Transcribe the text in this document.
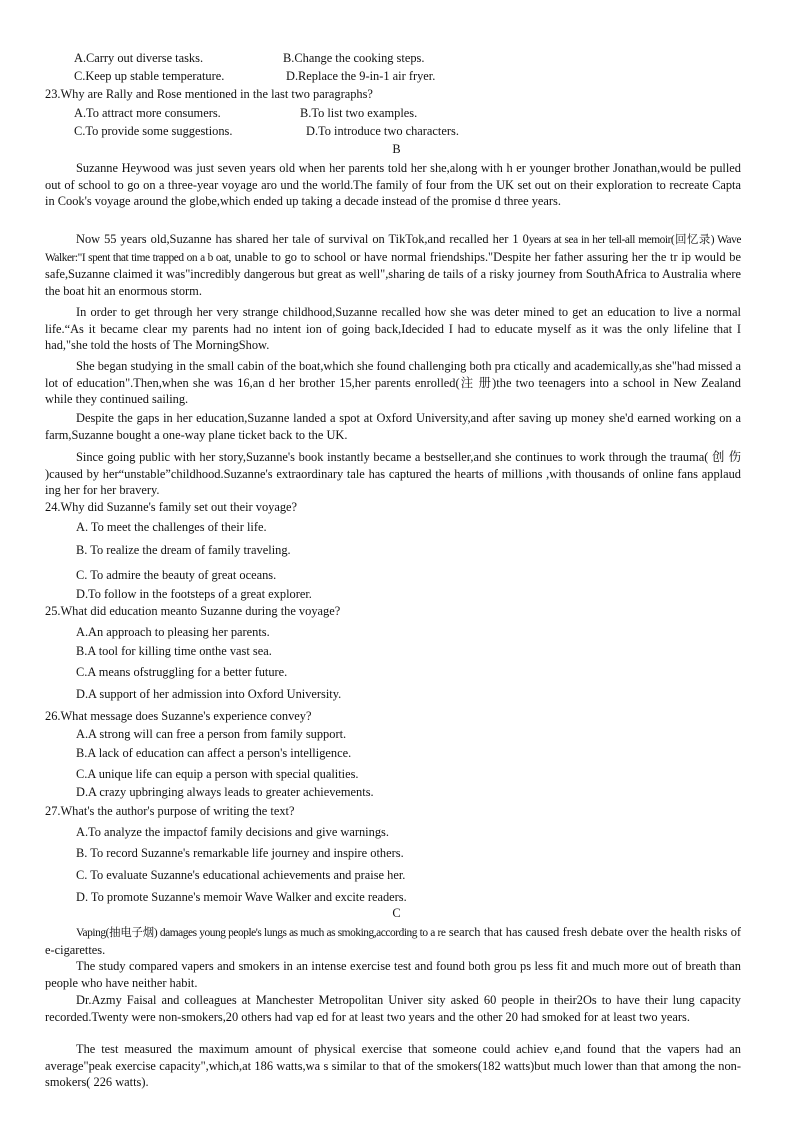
A.Carry out diverse tasks.	B.Change the cooking steps.
C.Keep up stable temperature.	D.Replace the 9-in-1 air fryer.
23.Why are Rally and Rose mentioned in the last two paragraphs?
A.To attract more consumers.	B.To list two examples.
C.To provide some suggestions.	D.To introduce two characters.
B

Suzanne Heywood was just seven years old when her parents told her she,along with h er younger brother Jonathan,would be pulled out of school to go on a three-year voyage aro und the world.The family of four from the UK set out on their exploration to recreate Capta in Cook's voyage around the globe,which ended up taking a decade instead of the promise d three years.

Now 55 years old,Suzanne has shared her tale of survival on TikTok,and recalled her 1 0years at sea in her tell-all memoir(回忆录) Wave Walker:"I spent that time trapped on a b oat, unable to go to school or have normal friendships."Despite her father assuring her the tr ip would be safe,Suzanne claimed it was"incredibly dangerous but great as well",sharing de tails of a risky journey from SouthAfrica to Australia where the boat hit an enormous storm.

In order to get through her very strange childhood,Suzanne recalled how she was deter mined to get an education to live a normal life.“As it became clear my parents had no intent ion of going back,Idecided I had to educate myself as it was the only lifeline that I had,"she told the hosts of The MorningShow.

She began studying in the small cabin of the boat,which she found challenging both pra ctically and academically,as she"had missed a lot of education".Then,when she was 16,an d her brother 15,her parents enrolled(注 册)the two teenagers into a school in New Zealand while they continued sailing.

Despite the gaps in her education,Suzanne landed a spot at Oxford University,and after saving up money she'd earned working on a farm,Suzanne bought a one-way plane ticket back to the UK.

Since going public with her story,Suzanne's book instantly became a bestseller,and she continues to work through the trauma( 创 伤 )caused by her“unstable”childhood.Suzanne's extraordinary tale has captured the hearts of millions ,with thousands of online fans applaud ing her for her bravery.

24.Why did Suzanne's family set out their voyage?
A. To meet the challenges of their life.
B. To realize the dream of family traveling.
C. To admire the beauty of great oceans.
D.To follow in the footsteps of a great explorer.
25.What did education meanto Suzanne during the voyage?
A.An approach to pleasing her parents.
B.A tool for killing time onthe vast sea.
C.A means ofstruggling for a better future.
D.A support of her admission into Oxford University.
26.What message does Suzanne's experience convey?
A.A strong will can free a person from family support.
B.A lack of education can affect a person's intelligence.
C.A unique life can equip a person with special qualities.
D.A crazy upbringing always leads to greater achievements.
27.What's the author's purpose of writing the text?
A.To analyze the impactof family decisions and give warnings.
B. To record Suzanne's remarkable life journey and inspire others.
C. To evaluate Suzanne's educational achievements and praise her.
D. To promote Suzanne's memoir Wave Walker and excite readers.
C

Vaping(抽电子烟) damages young people's lungs as much as smoking,according to a re search that has caused fresh debate over the health risks of e-cigarettes.

The study compared vapers and smokers in an intense exercise test and found both grou ps less fit and much more out of breath than people who have neither habit.

Dr.Azmy Faisal and colleagues at Manchester Metropolitan Univer sity asked 60 people in their2Os to have their lung capacity recorded.Twenty were non-smokers,20 others had vap ed for at least two years and the other 20 had smoked for at least two years.

The test measured the maximum amount of physical exercise that someone could achiev e,and found that the vapers had an average"peak exercise capacity",which,at 186 watts,wa s similar to that of the smokers(182 watts)but much lower than that among the non-smokers( 226 watts).
